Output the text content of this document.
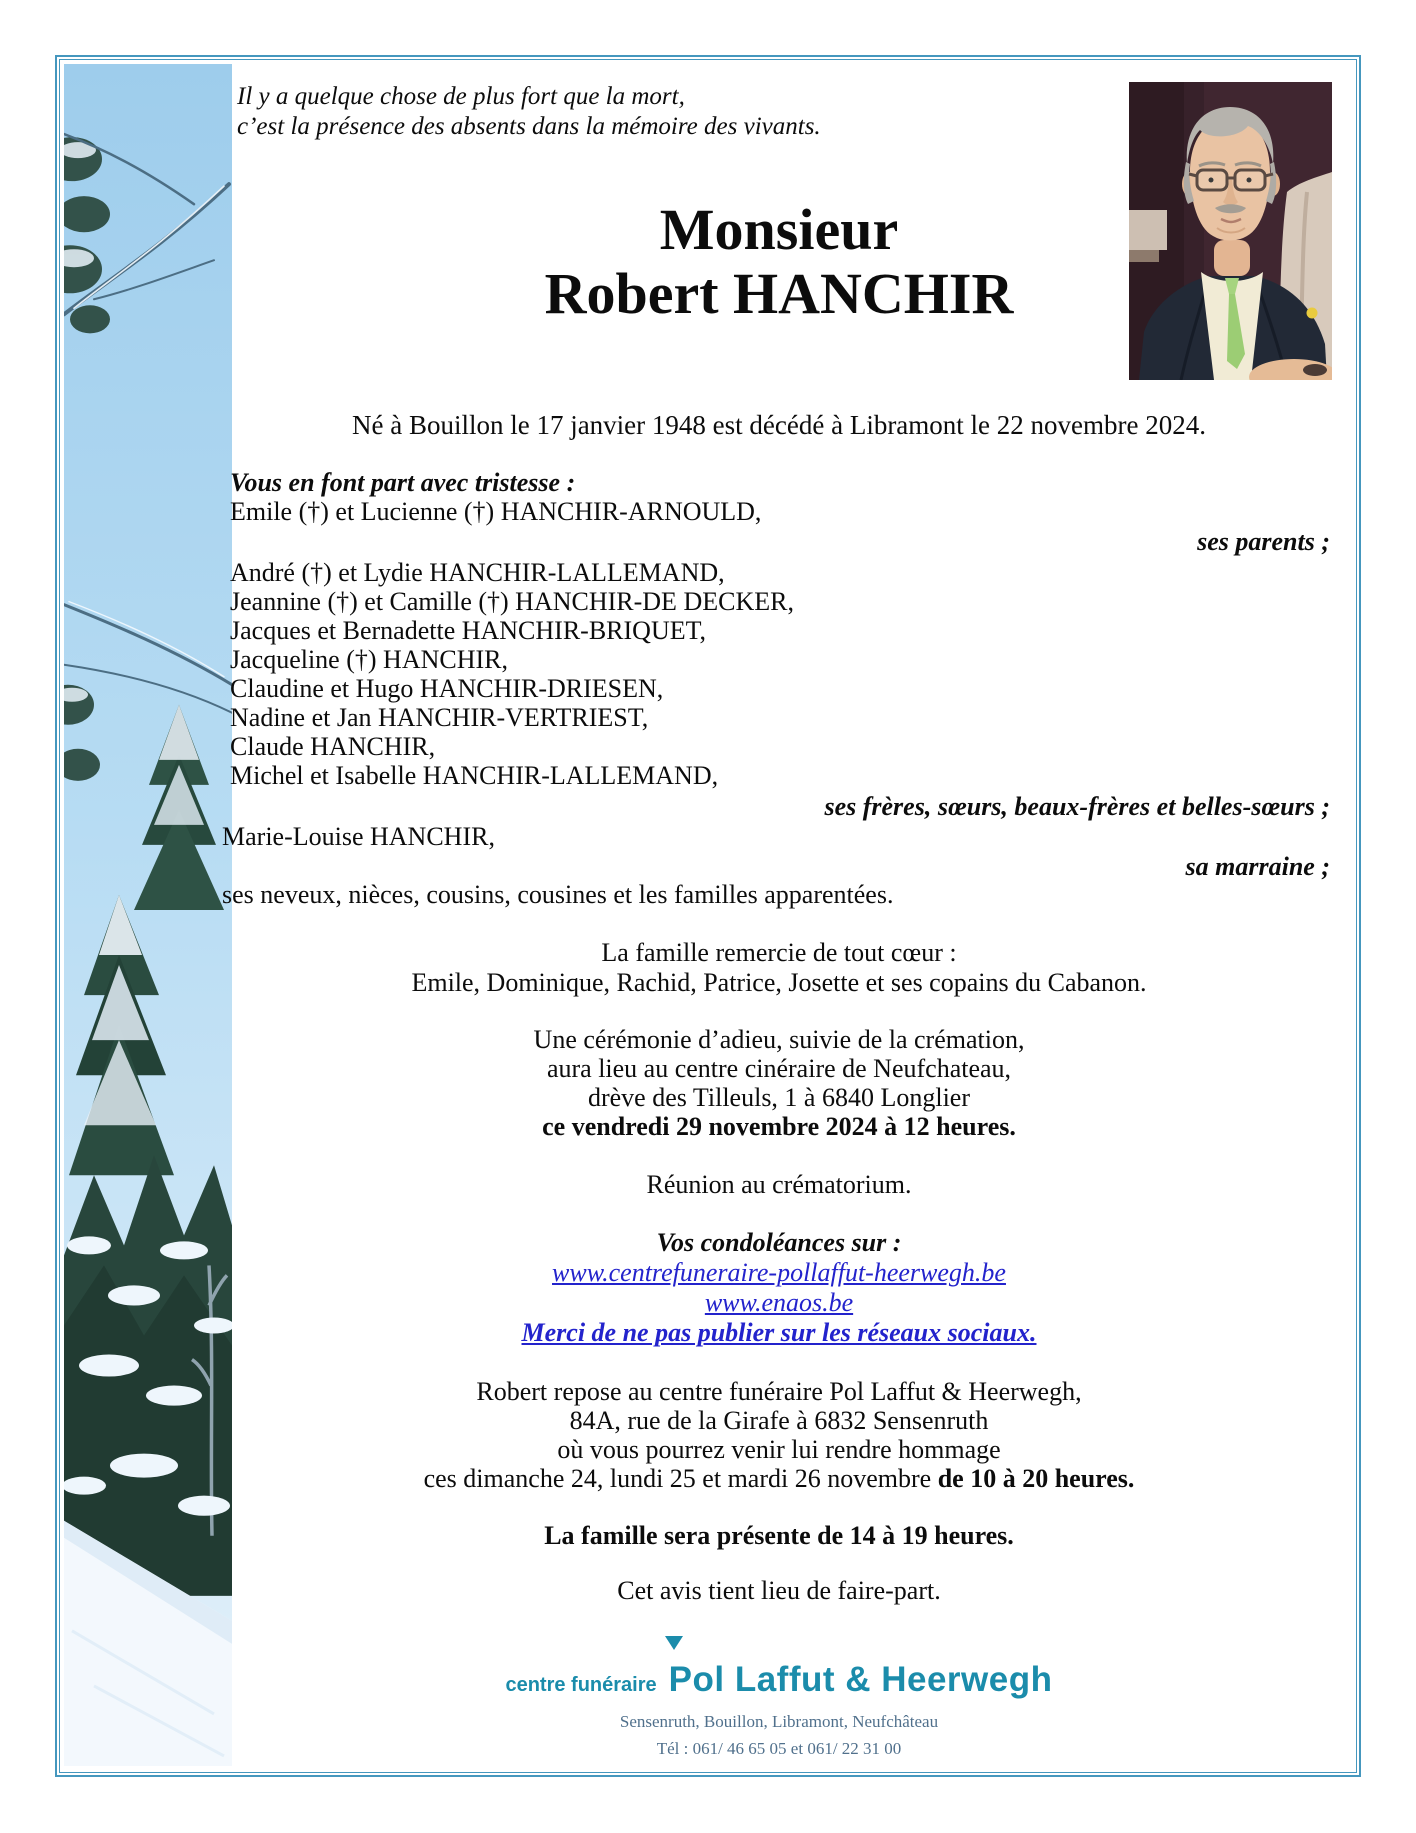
Il y a quelque chose de plus fort que la mort,
c’est la présence des absents dans la mémoire des vivants.
Monsieur
Robert HANCHIR
Né à Bouillon le 17 janvier 1948 est décédé à Libramont le 22 novembre 2024.
Vous en font part avec tristesse :
Emile (†) et Lucienne (†) HANCHIR-ARNOULD,
ses parents ;
André (†) et Lydie HANCHIR-LALLEMAND,
Jeannine (†) et Camille (†) HANCHIR-DE DECKER,
Jacques et Bernadette HANCHIR-BRIQUET,
Jacqueline (†) HANCHIR,
Claudine et Hugo HANCHIR-DRIESEN,
Nadine et Jan HANCHIR-VERTRIEST,
Claude HANCHIR,
Michel et Isabelle HANCHIR-LALLEMAND,
ses frères, sœurs, beaux-frères et belles-sœurs ;
Marie-Louise HANCHIR,
sa marraine ;
ses neveux, nièces, cousins, cousines et les familles apparentées.
La famille remercie de tout cœur :
Emile, Dominique, Rachid, Patrice, Josette et ses copains du Cabanon.
Une cérémonie d’adieu, suivie de la crémation,
aura lieu au centre cinéraire de Neufchateau,
drève des Tilleuls, 1 à 6840 Longlier
ce vendredi 29 novembre 2024 à 12 heures.
Réunion au crématorium.
Vos condoléances sur :
www.centrefuneraire-pollaffut-heerwegh.be
www.enaos.be
Merci de ne pas publier sur les réseaux sociaux.
Robert repose au centre funéraire Pol Laffut & Heerwegh,
84A, rue de la Girafe à 6832 Sensenruth
où vous pourrez venir lui rendre hommage
ces dimanche 24, lundi 25 et mardi 26 novembre de 10 à 20 heures.
La famille sera présente de 14 à 19 heures.
Cet avis tient lieu de faire-part.
centre funéraire Pol Laffut & Heerwegh
Sensenruth, Bouillon, Libramont, Neufchâteau
Tél : 061/ 46 65 05 et 061/ 22 31 00
